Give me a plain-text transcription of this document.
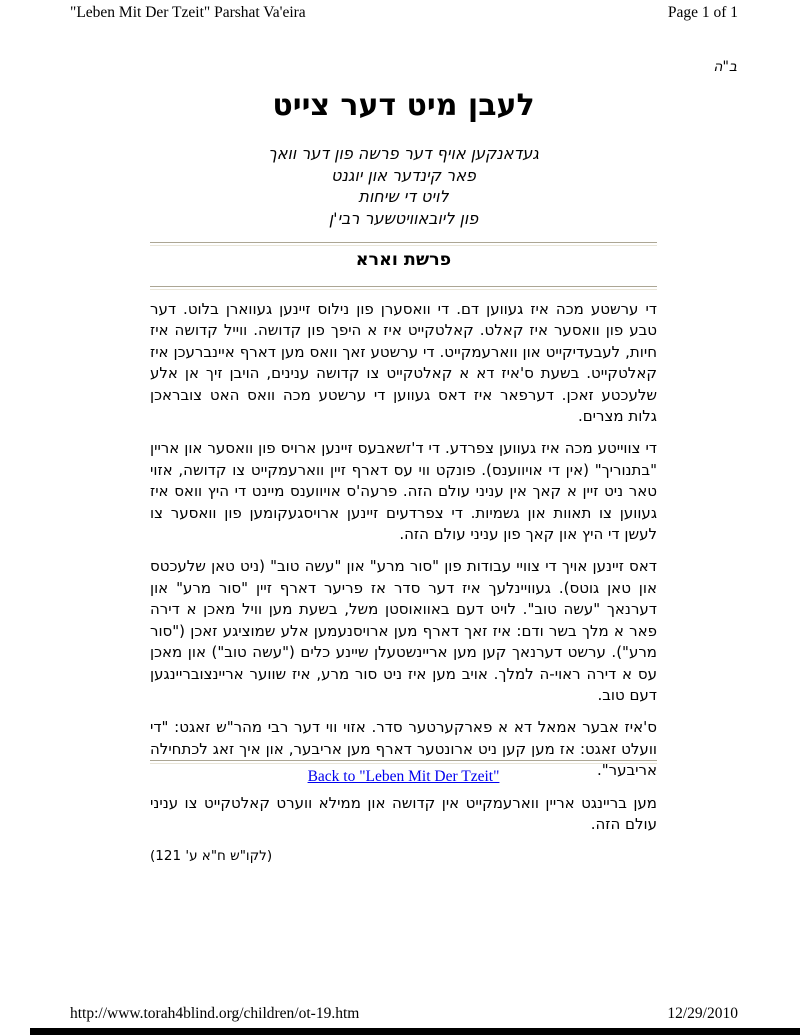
"Leben Mit Der Tzeit" Parshat Va'eira	Page 1 of 1
ב"ה
לעבן מיט דער צייט
געדאנקען אויף דער פרשה פון דער וואך
פאר קינדער און יוגנט
לויט די שיחות
פון ליובאוויטשער רבי'ן
פרשת וארא

די ערשטע מכה איז געווען דם. די וואסערן פון נילוס זיינען געווארן בלוט. דער טבע פון וואסער איז קאלט. קאלטקייט איז א היפך פון קדושה. ווייל קדושה איז חיות, לעבעדיקייט און ווארעמקייט. די ערשטע זאך וואס מען דארף איינברעכן איז קאלטקייט. בשעת ס'איז דא א קאלטקייט צו קדושה ענינים, הויבן זיך אן אלע שלעכטע זאכן. דערפאר איז דאס געווען די ערשטע מכה וואס האט צובראכן גלות מצרים.

די צווייטע מכה איז געווען צפרדע. די ד'זשאבעס זיינען ארויס פון וואסער און אריין "בתנוריך" (אין די אויווענס). פונקט ווי עס דארף זיין ווארעמקייט צו קדושה, אזוי טאר ניט זיין א קאך אין עניני עולם הזה. פרעה'ס אויווענס מיינט די היץ וואס איז געווען צו תאוות און גשמיות. די צפרדעים זיינען ארויסגעקומען פון וואסער צו לעשן די היץ און קאך פון עניני עולם הזה.

דאס זיינען אויך די צוויי עבודות פון "סור מרע" און "עשה טוב" (ניט טאן שלעכטס און טאן גוטס). געוויינלעך איז דער סדר אז פריער דארף זיין "סור מרע" און דערנאך "עשה טוב". לויט דעם באוואוסטן משל, בשעת מען וויל מאכן א דירה פאר א מלך בשר ודם: איז זאך דארף מען ארויסנעמען אלע שמוציגע זאכן ("סור מרע"). ערשט דערנאך קען מען אריינשטעלן שיינע כלים ("עשה טוב") און מאכן עס א דירה ראוי-ה למלך. אויב מען איז ניט סור מרע, איז שווער אריינצובריינגען דעם טוב.

ס'איז אבער אמאל דא א פארקערטער סדר. אזוי ווי דער רבי מהר"ש זאגט: "די וועלט זאגט: אז מען קען ניט ארונטער דארף מען אריבער, און איך זאג לכתחילה אריבער".

מען בריינגט אריין ווארעמקייט אין קדושה און ממילא ווערט קאלטקייט צו עניני עולם הזה.

(לקו"ש ח"א ע' 121)
Back to "Leben Mit Der Tzeit"
http://www.torah4blind.org/children/ot-19.htm	12/29/2010
